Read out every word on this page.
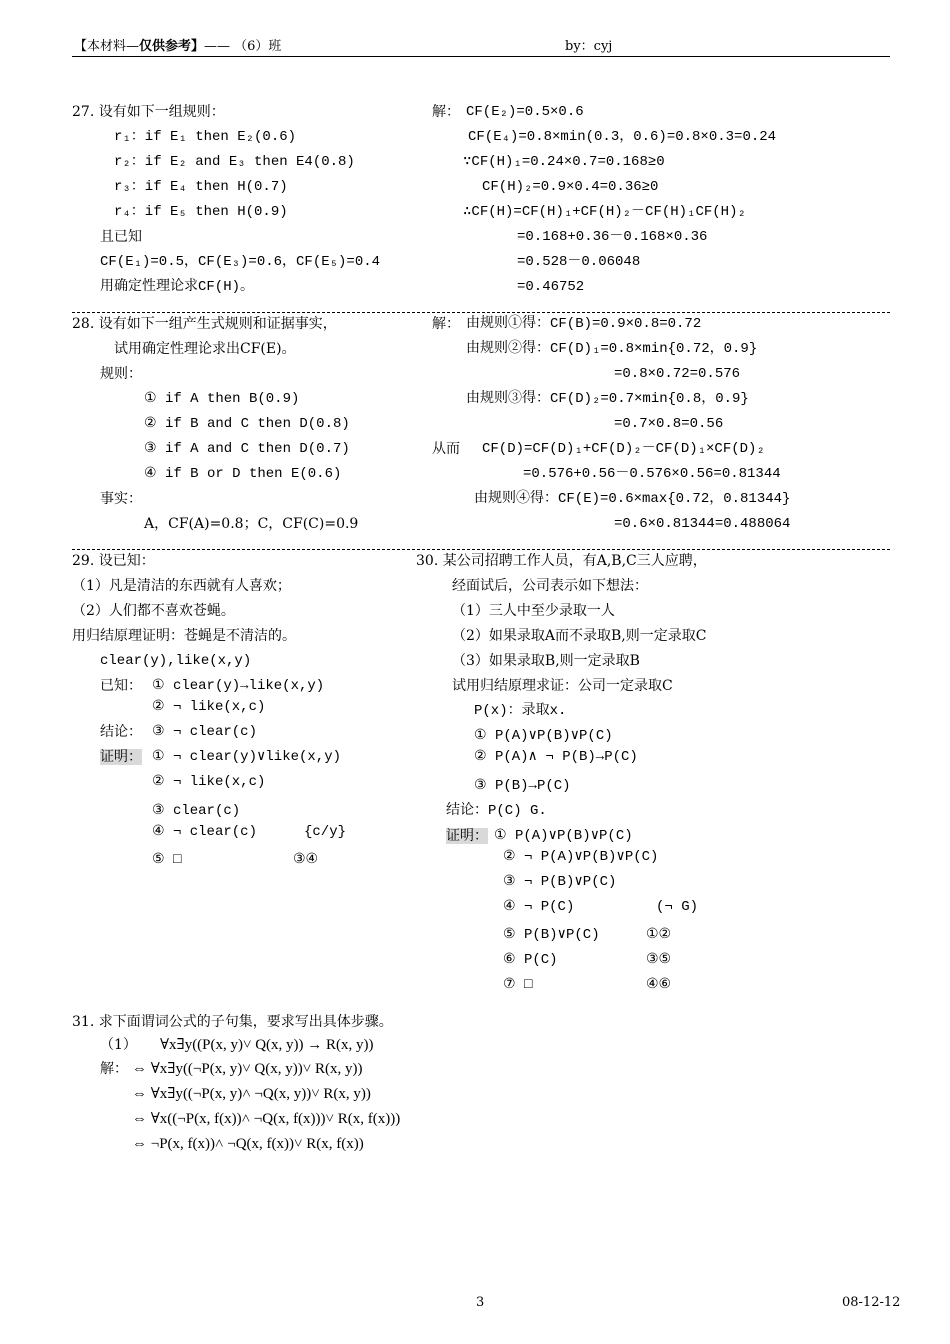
【本材料—仅供参考】—— （6）班	by：cyj
27. 设有如下一组规则：
r₁：if E₁ then E₂(0.6)
r₂：if E₂ and E₃ then E4(0.8)
r₃：if E₄ then H(0.7)
r₄：if E₅ then H(0.9)
且已知
CF(E₁)=0.5，CF(E₃)=0.6，CF(E₅)=0.4
用确定性理论求CF(H)。
解： CF(E₂)=0.5×0.6
CF(E₄)=0.8×min(0.3，0.6)=0.8×0.3=0.24
∵CF(H)₁=0.24×0.7=0.168≥0
CF(H)₂=0.9×0.4=0.36≥0
∴CF(H)=CF(H)₁+CF(H)₂－CF(H)₁CF(H)₂
=0.168+0.36－0.168×0.36
=0.528－0.06048
=0.46752
28. 设有如下一组产生式规则和证据事实，
试用确定性理论求出CF(E)。
规则：
① if A then B(0.9)
② if B and C then D(0.8)
③ if A and C then D(0.7)
④ if B or D then E(0.6)
事实：
A，CF(A)=0.8；C，CF(C)=0.9
解： 由规则①得：CF(B)=0.9×0.8=0.72
由规则②得：CF(D)₁=0.8×min{0.72，0.9}
=0.8×0.72=0.576
由规则③得：CF(D)₂=0.7×min{0.8，0.9}
=0.7×0.8=0.56
从而 CF(D)=CF(D)₁+CF(D)₂－CF(D)₁×CF(D)₂
=0.576+0.56－0.576×0.56=0.81344
由规则④得：CF(E)=0.6×max{0.72，0.81344}
=0.6×0.81344=0.488064
29. 设已知：
（1）凡是清洁的东西就有人喜欢；
（2）人们都不喜欢苍蝇。
用归结原理证明：苍蝇是不清洁的。
clear(y),like(x,y)
已知： ① clear(y)→like(x,y)
② ¬ like(x,c)
结论： ③ ¬ clear(c)
证明： ① ¬ clear(y)∨like(x,y)
② ¬ like(x,c)
③ clear(c)
④ ¬ clear(c)	{c/y}
⑤ □	③④
30. 某公司招聘工作人员，有A,B,C三人应聘，
经面试后，公司表示如下想法：
（1）三人中至少录取一人
（2）如果录取A而不录取B,则一定录取C
（3）如果录取B,则一定录取B
试用归结原理求证：公司一定录取C
P(x)：录取x.
① P(A)∨P(B)∨P(C)
② P(A)∧ ¬ P(B)→P(C)
③ P(B)→P(C)
结论：P(C) G.
证明： ① P(A)∨P(B)∨P(C)
② ¬ P(A)∨P(B)∨P(C)
③ ¬ P(B)∨P(C)
④ ¬ P(C)	(¬ G)
⑤ P(B)∨P(C)	①②
⑥ P(C)	③⑤
⑦ □	④⑥
31. 求下面谓词公式的子句集，要求写出具体步骤。
（1） ∀x∃y((P(x, y)˅ Q(x, y)) → R(x, y))
解： ⇔ ∀x∃y((¬P(x, y)˅ Q(x, y))˅ R(x, y))
⇔ ∀x∃y((¬P(x, y)˄ ¬Q(x, y))˅ R(x, y))
⇔ ∀x((¬P(x, f(x))˄ ¬Q(x, f(x)))˅ R(x, f(x)))
⇔ ¬P(x, f(x))˄ ¬Q(x, f(x))˅ R(x, f(x))
3	08-12-12
